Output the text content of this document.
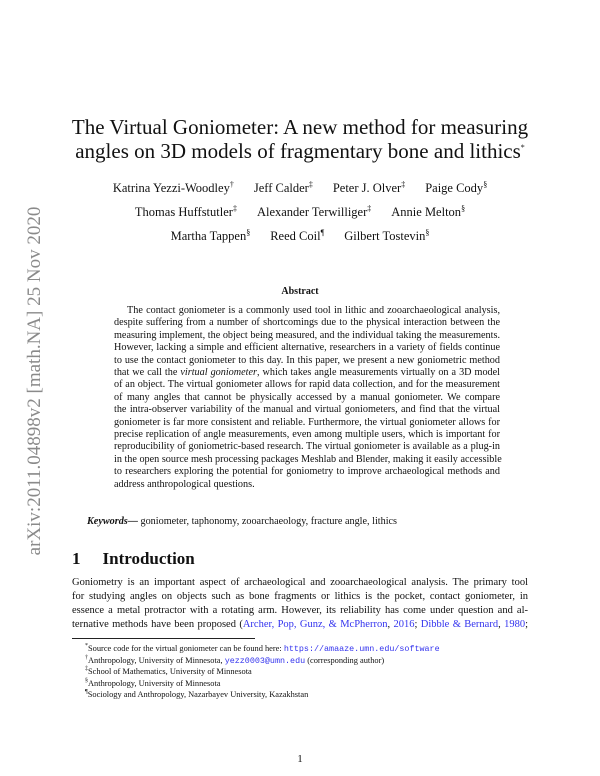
arXiv:2011.04898v2 [math.NA] 25 Nov 2020
The Virtual Goniometer: A new method for measuring
angles on 3D models of fragmentary bone and lithics*
Katrina Yezzi-Woodley† Jeff Calder‡ Peter J. Olver‡ Paige Cody§
Thomas Huffstutler‡ Alexander Terwilliger‡ Annie Melton§
Martha Tappen§ Reed Coil¶ Gilbert Tostevin§
Abstract
The contact goniometer is a commonly used tool in lithic and zooarchaeological analysis,
despite suffering from a number of shortcomings due to the physical interaction between the
measuring implement, the object being measured, and the individual taking the measurements.
However, lacking a simple and efficient alternative, researchers in a variety of fields continue
to use the contact goniometer to this day. In this paper, we present a new goniometric method
that we call the virtual goniometer, which takes angle measurements virtually on a 3D model
of an object. The virtual goniometer allows for rapid data collection, and for the measurement
of many angles that cannot be physically accessed by a manual goniometer. We compare
the intra-observer variability of the manual and virtual goniometers, and find that the virtual
goniometer is far more consistent and reliable. Furthermore, the virtual goniometer allows for
precise replication of angle measurements, even among multiple users, which is important for
reproducibility of goniometric-based research. The virtual goniometer is available as a plug-in
in the open source mesh processing packages Meshlab and Blender, making it easily accessible
to researchers exploring the potential for goniometry to improve archaeological methods and
address anthropological questions.
Keywords— goniometer, taphonomy, zooarchaeology, fracture angle, lithics
1 Introduction
Goniometry is an important aspect of archaeological and zooarchaeological analysis. The primary tool
for studying angles on objects such as bone fragments or lithics is the pocket, contact goniometer, in
essence a metal protractor with a rotating arm. However, its reliability has come under question and al-
ternative methods have been proposed (Archer, Pop, Gunz, & McPherron, 2016; Dibble & Bernard, 1980;
*Source code for the virtual goniometer can be found here: https://amaaze.umn.edu/software
†Anthropology, University of Minnesota, yezz0003@umn.edu (corresponding author)
‡School of Mathematics, University of Minnesota
§Anthropology, University of Minnesota
¶Sociology and Anthropology, Nazarbayev University, Kazakhstan
1
